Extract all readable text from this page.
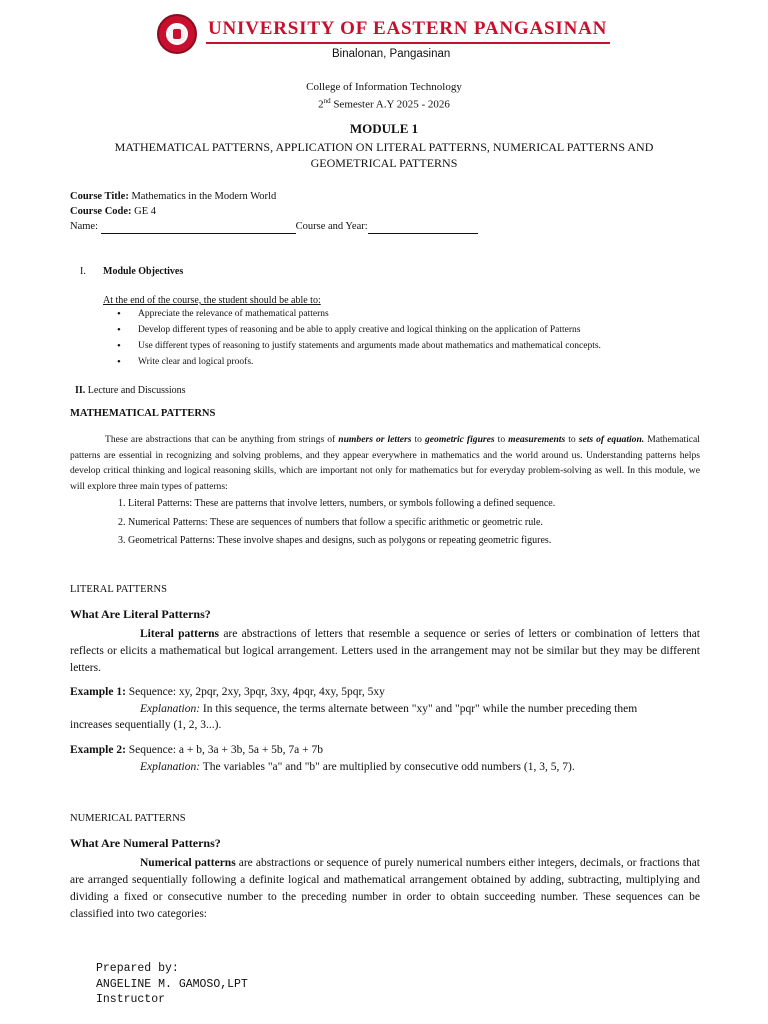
UNIVERSITY OF EASTERN PANGASINAN
Binalonan, Pangasinan
College of Information Technology
2nd Semester A.Y 2025 - 2026
MODULE 1
MATHEMATICAL PATTERNS, APPLICATION ON LITERAL PATTERNS, NUMERICAL PATTERNS AND GEOMETRICAL PATTERNS
Course Title: Mathematics in the Modern World
Course Code: GE 4
Name:	Course and Year:
I. Module Objectives
At the end of the course, the student should be able to:
• Appreciate the relevance of mathematical patterns
• Develop different types of reasoning and be able to apply creative and logical thinking on the application of Patterns
• Use different types of reasoning to justify statements and arguments made about mathematics and mathematical concepts.
• Write clear and logical proofs.
II. Lecture and Discussions
MATHEMATICAL PATTERNS
These are abstractions that can be anything from strings of numbers or letters to geometric figures to measurements to sets of equation. Mathematical patterns are essential in recognizing and solving problems, and they appear everywhere in mathematics and the world around us. Understanding patterns helps develop critical thinking and logical reasoning skills, which are important not only for mathematics but for everyday problem-solving as well. In this module, we will explore three main types of patterns:
1. Literal Patterns: These are patterns that involve letters, numbers, or symbols following a defined sequence.
2. Numerical Patterns: These are sequences of numbers that follow a specific arithmetic or geometric rule.
3. Geometrical Patterns: These involve shapes and designs, such as polygons or repeating geometric figures.
LITERAL PATTERNS
What Are Literal Patterns?
Literal patterns are abstractions of letters that resemble a sequence or series of letters or combination of letters that reflects or elicits a mathematical but logical arrangement. Letters used in the arrangement may not be similar but they may be different letters.
Example 1: Sequence: xy, 2pqr, 2xy, 3pqr, 3xy, 4pqr, 4xy, 5pqr, 5xy
Explanation: In this sequence, the terms alternate between "xy" and "pqr" while the number preceding them
increases sequentially (1, 2, 3...).
Example 2: Sequence: a + b, 3a + 3b, 5a + 5b, 7a + 7b
Explanation: The variables "a" and "b" are multiplied by consecutive odd numbers (1, 3, 5, 7).
NUMERICAL PATTERNS
What Are Numeral Patterns?
Numerical patterns are abstractions or sequence of purely numerical numbers either integers, decimals, or fractions that are arranged sequentially following a definite logical and mathematical arrangement obtained by adding, subtracting, multiplying and dividing a fixed or consecutive number to the preceding number in order to obtain succeeding number. These sequences can be classified into two categories:
Prepared by:
ANGELINE M. GAMOSO,LPT
Instructor
